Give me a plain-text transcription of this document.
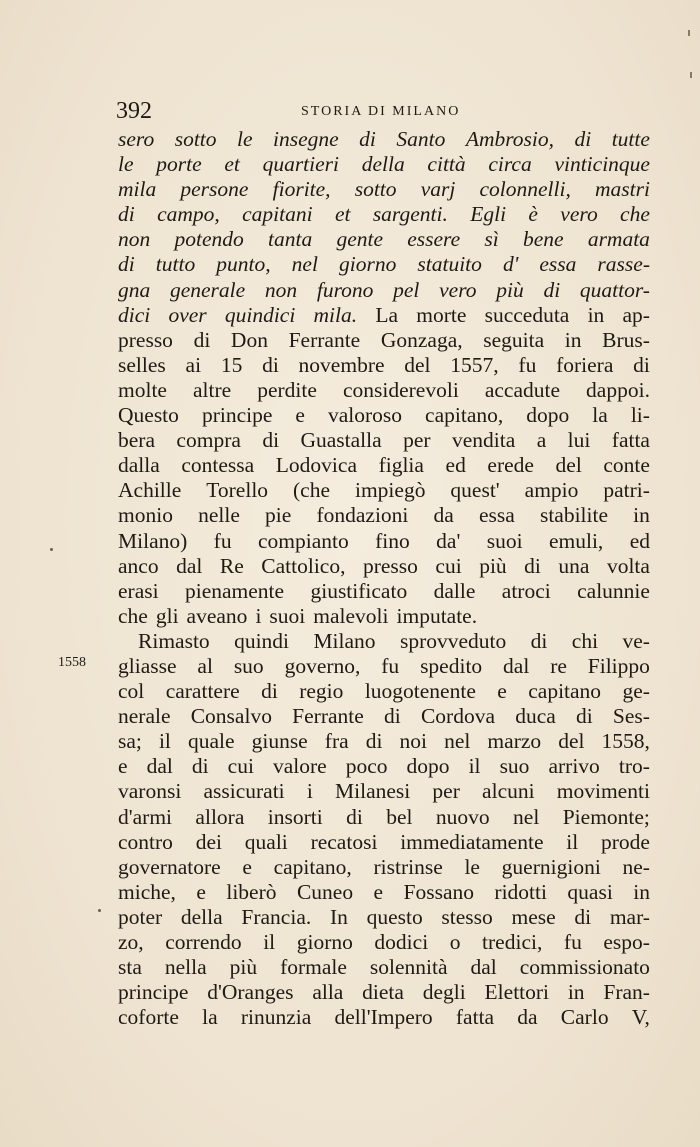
392	STORIA DI MILANO
1558
sero sotto le insegne di Santo Ambrosio, di tutte
le porte et quartieri della città circa vinticinque
mila persone fiorite, sotto varj colonnelli, mastri
di campo, capitani et sargenti. Egli è vero che
non potendo tanta gente essere sì bene armata
di tutto punto, nel giorno statuito d' essa rasse-
gna generale non furono pel vero più di quattor-
dici over quindici mila. La morte succeduta in ap-
presso di Don Ferrante Gonzaga, seguita in Brus-
selles ai 15 di novembre del 1557, fu foriera di
molte altre perdite considerevoli accadute dappoi.
Questo principe e valoroso capitano, dopo la li-
bera compra di Guastalla per vendita a lui fatta
dalla contessa Lodovica figlia ed erede del conte
Achille Torello (che impiegò quest' ampio patri-
monio nelle pie fondazioni da essa stabilite in
Milano) fu compianto fino da' suoi emuli, ed
anco dal Re Cattolico, presso cui più di una volta
erasi pienamente giustificato dalle atroci calunnie
che gli aveano i suoi malevoli imputate.
Rimasto quindi Milano sprovveduto di chi ve-
gliasse al suo governo, fu spedito dal re Filippo
col carattere di regio luogotenente e capitano ge-
nerale Consalvo Ferrante di Cordova duca di Ses-
sa; il quale giunse fra di noi nel marzo del 1558,
e dal di cui valore poco dopo il suo arrivo tro-
varonsi assicurati i Milanesi per alcuni movimenti
d'armi allora insorti di bel nuovo nel Piemonte;
contro dei quali recatosi immediatamente il prode
governatore e capitano, ristrinse le guernigioni ne-
miche, e liberò Cuneo e Fossano ridotti quasi in
poter della Francia. In questo stesso mese di mar-
zo, correndo il giorno dodici o tredici, fu espo-
sta nella più formale solennità dal commissionato
principe d'Oranges alla dieta degli Elettori in Fran-
coforte la rinunzia dell'Impero fatta da Carlo V,
